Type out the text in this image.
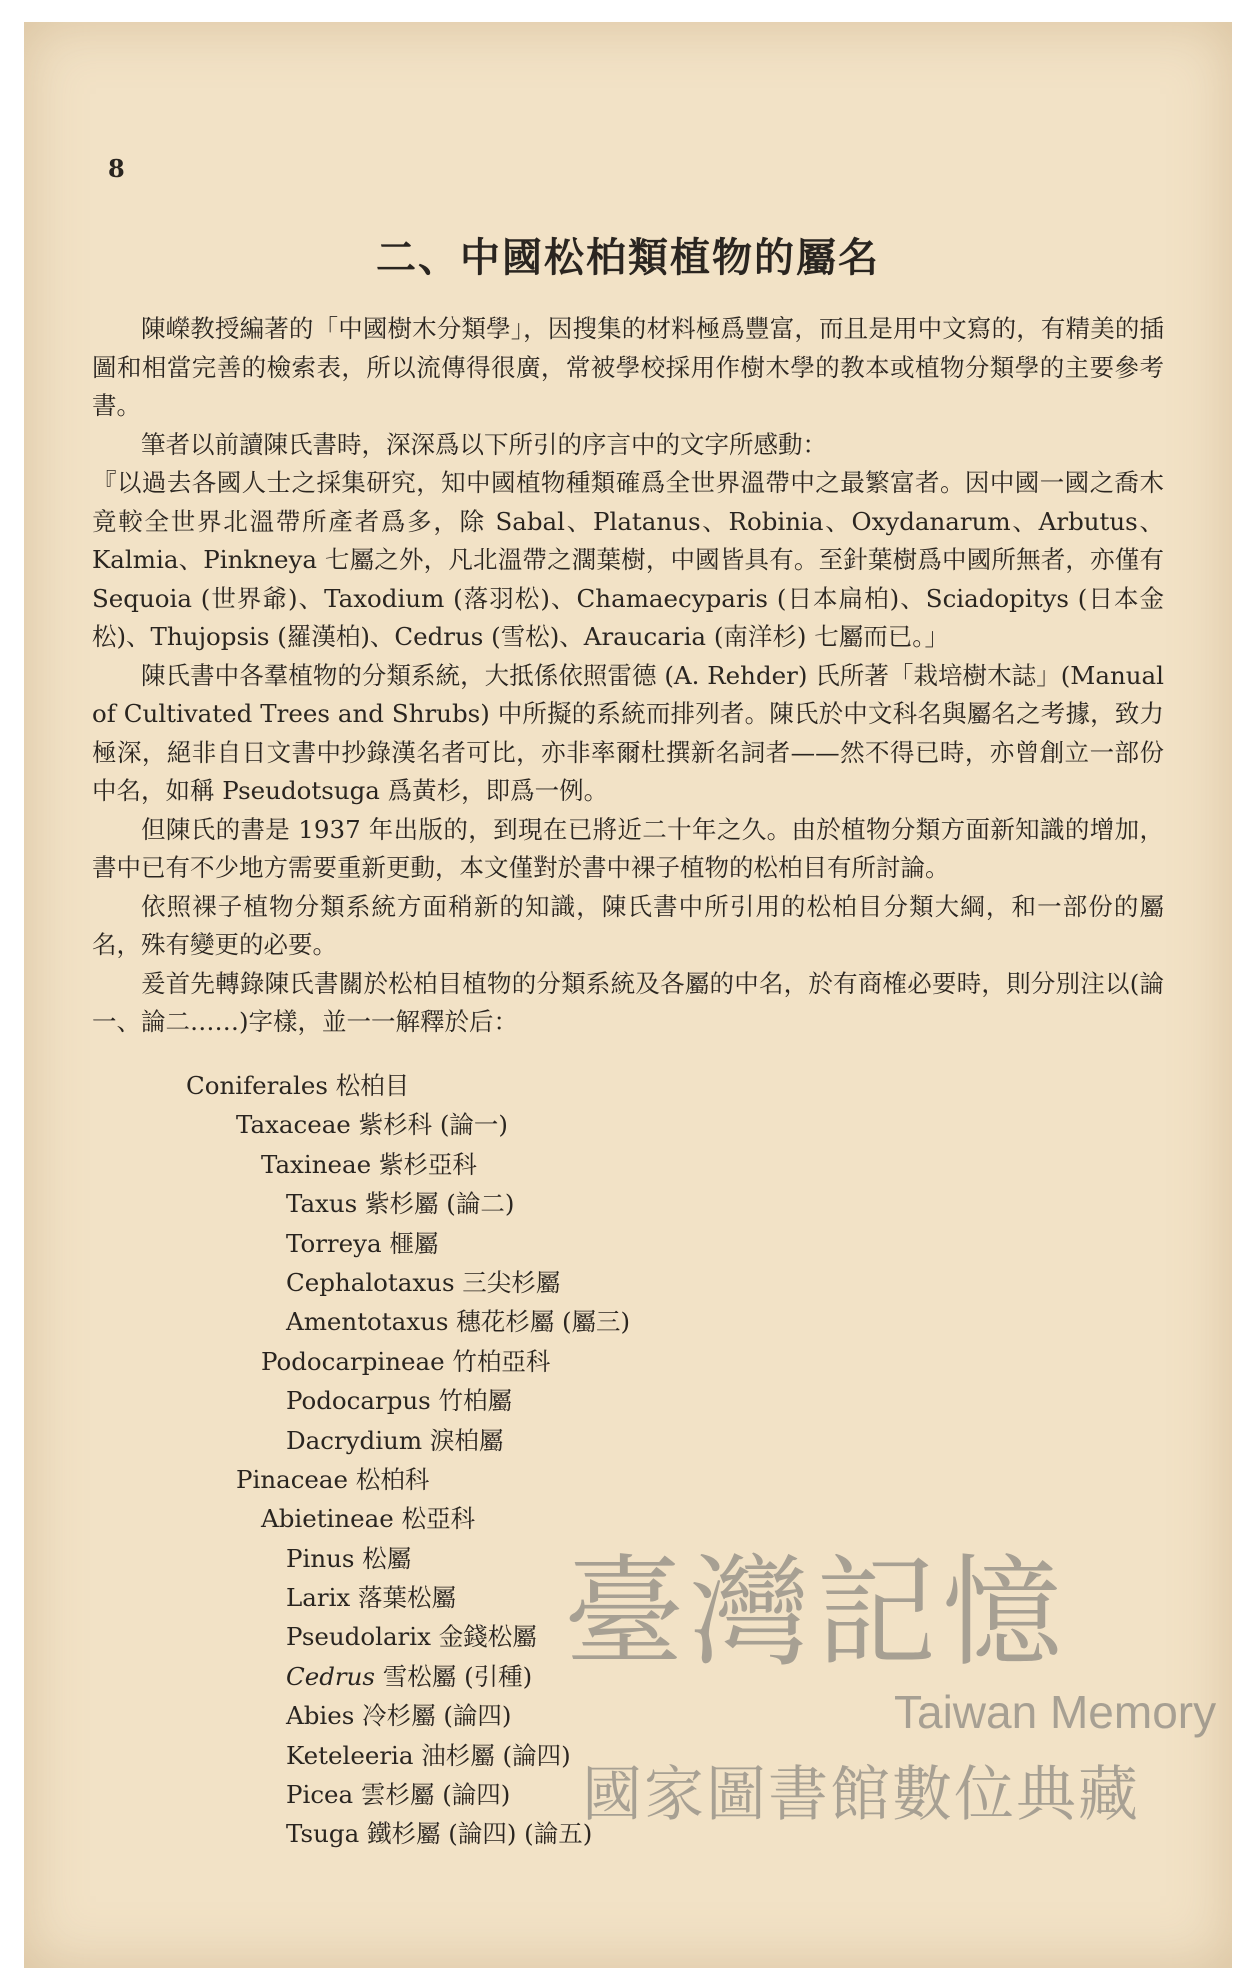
8
二、中國松柏類植物的屬名

陳嶸教授編著的「中國樹木分類學」，因搜集的材料極爲豐富，而且是用中文寫的，有精美的插圖和相當完善的檢索表，所以流傳得很廣，常被學校採用作樹木學的教本或植物分類學的主要參考書。

筆者以前讀陳氏書時，深深爲以下所引的序言中的文字所感動：

『以過去各國人士之採集研究，知中國植物種類確爲全世界溫帶中之最繁富者。因中國一國之喬木竟較全世界北溫帶所產者爲多，除 Sabal、Platanus、Robinia、Oxydanarum、Arbutus、Kalmia、Pinkneya 七屬之外，凡北溫帶之濶葉樹，中國皆具有。至針葉樹爲中國所無者，亦僅有 Sequoia (世界爺)、Taxodium (落羽松)、Chamaecyparis (日本扁柏)、Sciadopitys (日本金松)、Thujopsis (羅漢柏)、Cedrus (雪松)、Araucaria (南洋杉) 七屬而已。」

陳氏書中各羣植物的分類系統，大抵係依照雷德 (A. Rehder) 氏所著「栽培樹木誌」(Manual of Cultivated Trees and Shrubs) 中所擬的系統而排列者。陳氏於中文科名與屬名之考據，致力極深，絕非自日文書中抄錄漢名者可比，亦非率爾杜撰新名詞者——然不得已時，亦曾創立一部份中名，如稱 Pseudotsuga 爲黃杉，即爲一例。

但陳氏的書是 1937 年出版的，到現在已將近二十年之久。由於植物分類方面新知識的增加，書中已有不少地方需要重新更動，本文僅對於書中裸子植物的松柏目有所討論。

依照裸子植物分類系統方面稍新的知識，陳氏書中所引用的松柏目分類大綱，和一部份的屬名，殊有變更的必要。

爰首先轉錄陳氏書關於松柏目植物的分類系統及各屬的中名，於有商榷必要時，則分別注以(論一、論二……)字樣，並一一解釋於后：

Coniferales 松柏目
Taxaceae 紫杉科 (論一)
Taxineae 紫杉亞科
Taxus 紫杉屬 (論二)
Torreya 榧屬
Cephalotaxus 三尖杉屬
Amentotaxus 穗花杉屬 (屬三)
Podocarpineae 竹柏亞科
Podocarpus 竹柏屬
Dacrydium 淚柏屬
Pinaceae 松柏科
Abietineae 松亞科
Pinus 松屬
Larix 落葉松屬
Pseudolarix 金錢松屬
Cedrus 雪松屬 (引種)
Abies 冷杉屬 (論四)
Keteleeria 油杉屬 (論四)
Picea 雲杉屬 (論四)
Tsuga 鐵杉屬 (論四) (論五)
臺灣記憶
Taiwan Memory
國家圖書館數位典藏
